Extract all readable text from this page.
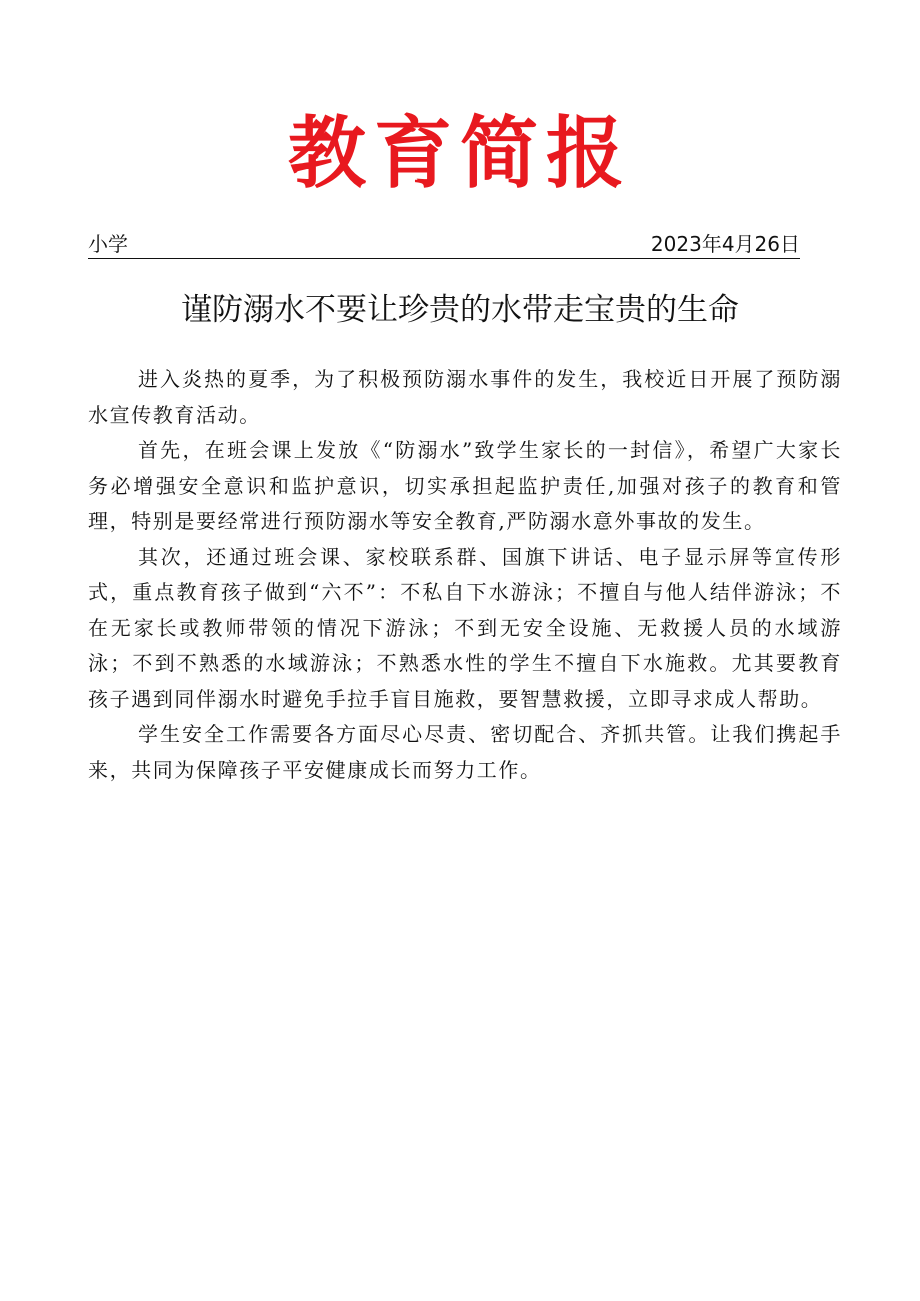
教育简报
小学	2023年4月26日
谨防溺水不要让珍贵的水带走宝贵的生命

进入炎热的夏季，为了积极预防溺水事件的发生，我校近日开展了预防溺水宣传教育活动。

首先，在班会课上发放《“防溺水”致学生家长的一封信》，希望广大家长务必增强安全意识和监护意识，切实承担起监护责任,加强对孩子的教育和管理，特别是要经常进行预防溺水等安全教育,严防溺水意外事故的发生。

其次，还通过班会课、家校联系群、国旗下讲话、电子显示屏等宣传形式，重点教育孩子做到“六不”：不私自下水游泳；不擅自与他人结伴游泳；不在无家长或教师带领的情况下游泳；不到无安全设施、无救援人员的水域游泳；不到不熟悉的水域游泳；不熟悉水性的学生不擅自下水施救。尤其要教育孩子遇到同伴溺水时避免手拉手盲目施救，要智慧救援，立即寻求成人帮助。

学生安全工作需要各方面尽心尽责、密切配合、齐抓共管。让我们携起手来，共同为保障孩子平安健康成长而努力工作。
